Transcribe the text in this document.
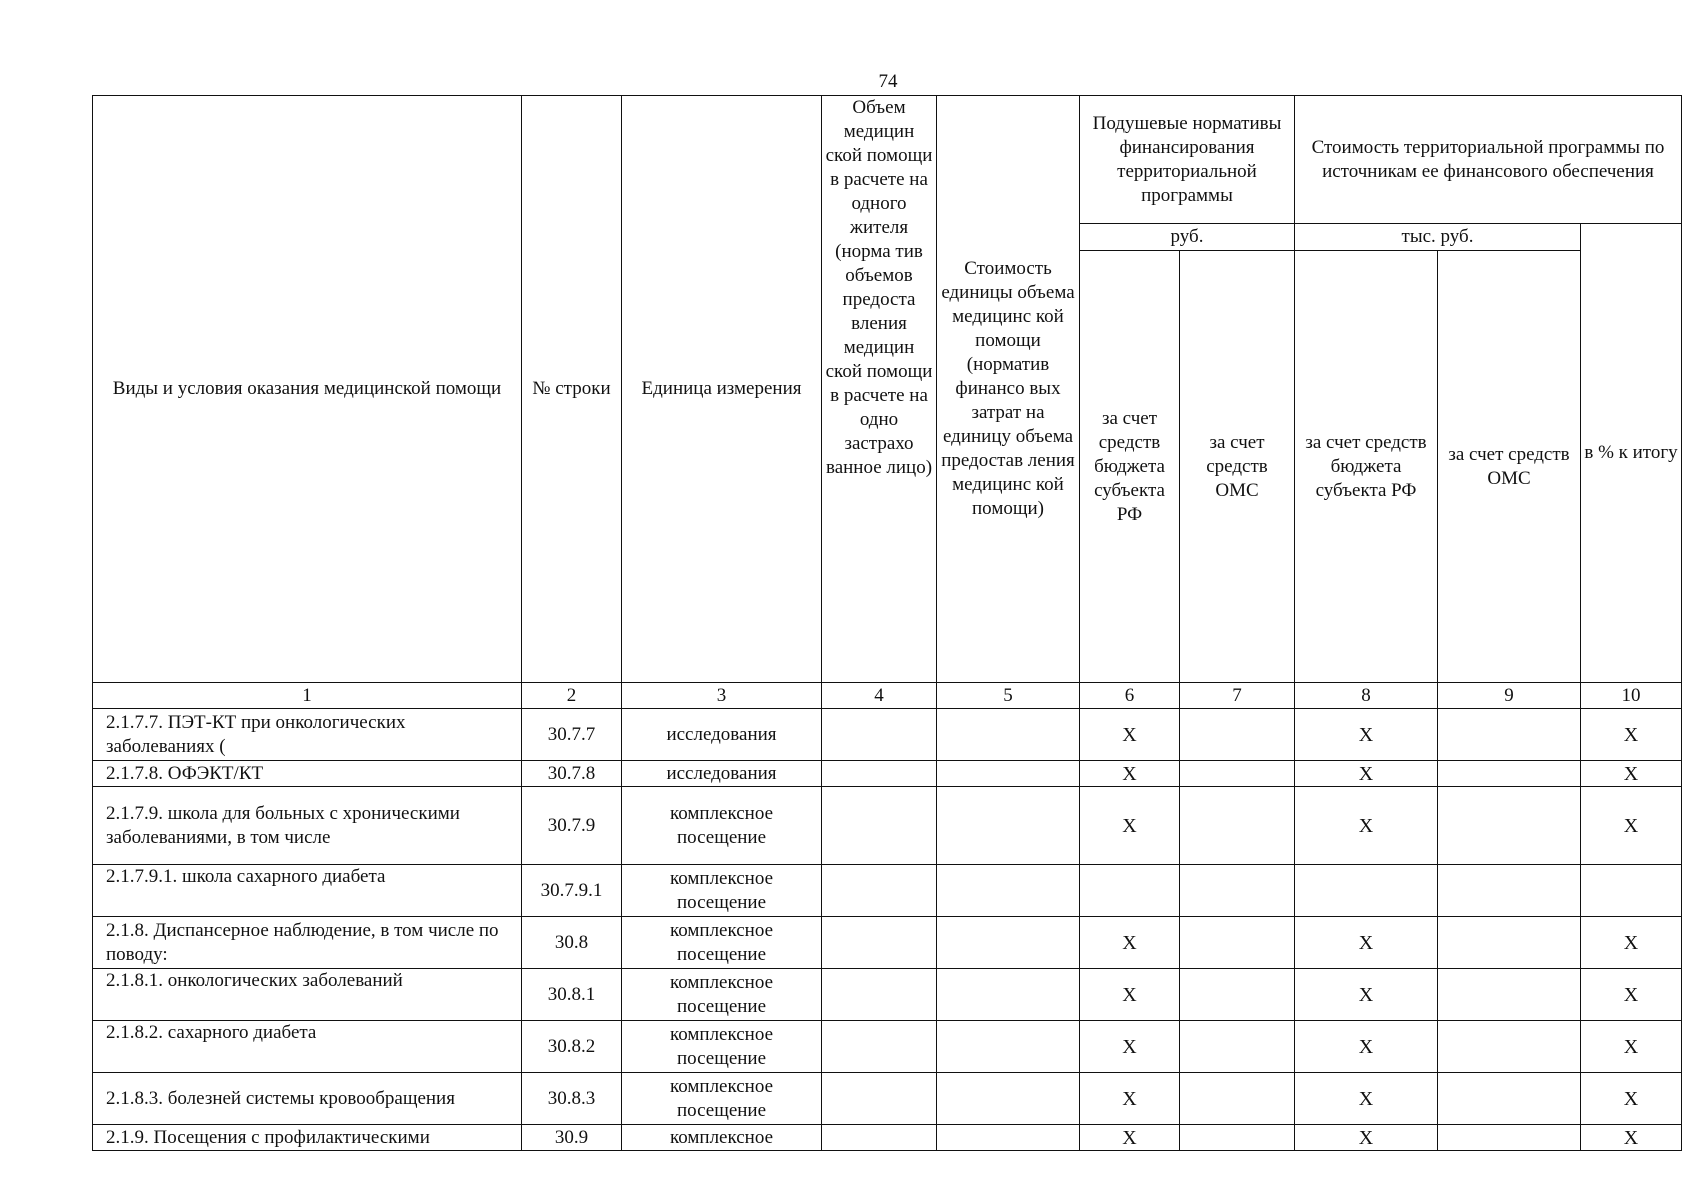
74
Виды и условия оказания медицинской помощи	№ строки	Единица измерения	Объем медицин ской помощи в расчете на одного жителя (норма тив объемов предоста вления медицин ской помощи в расчете на одно застрахо ванное лицо)	Стоимость единицы объема медицинс кой помощи (норматив финансо вых затрат на единицу объема предостав ления медицинс кой помощи)	Подушевые нормативы финансирования территориальной программы		Стоимость территориальной программы по источникам ее финансового обеспечения		
					руб.		тыс. руб.		в % к итогу
					за счет средств бюджета субъекта РФ	за счет средств ОМС	за счет средств бюджета субъекта РФ	за счет средств ОМС	
1	2	3	4	5	6	7	8	9	10
2.1.7.7. ПЭТ-КТ при онкологических заболеваниях (	30.7.7	исследования			X		X		X
2.1.7.8. ОФЭКТ/КТ	30.7.8	исследования			X		X		X
2.1.7.9. школа для больных с хроническими заболеваниями, в том числе	30.7.9	комплексное посещение			X		X		X
2.1.7.9.1. школа сахарного диабета	30.7.9.1	комплексное посещение							
2.1.8. Диспансерное наблюдение, в том числе по поводу:	30.8	комплексное посещение			X		X		X
2.1.8.1. онкологических заболеваний	30.8.1	комплексное посещение			X		X		X
2.1.8.2. сахарного диабета	30.8.2	комплексное посещение			X		X		X
2.1.8.3. болезней системы кровообращения	30.8.3	комплексное посещение			X		X		X
2.1.9. Посещения с профилактическими	30.9	комплексное			X		X		X
